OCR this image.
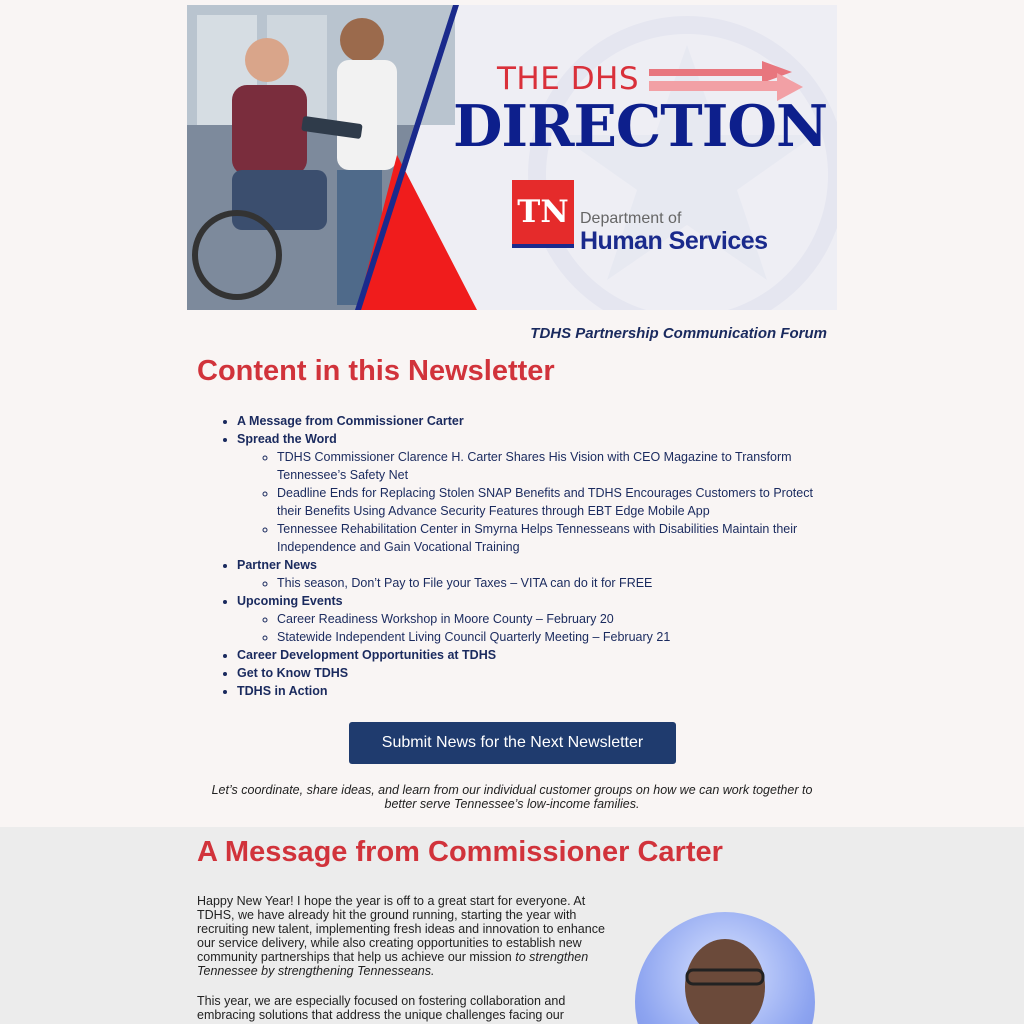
THE DHS
DIRECTION
TN Department of
Human Services
TDHS Partnership Communication Forum
Content in this Newsletter
• A Message from Commissioner Carter
• Spread the Word
◦ TDHS Commissioner Clarence H. Carter Shares His Vision with CEO Magazine to Transform Tennessee’s Safety Net
◦ Deadline Ends for Replacing Stolen SNAP Benefits and TDHS Encourages Customers to Protect their Benefits Using Advance Security Features through EBT Edge Mobile App
◦ Tennessee Rehabilitation Center in Smyrna Helps Tennesseans with Disabilities Maintain their Independence and Gain Vocational Training
• Partner News
◦ This season, Don’t Pay to File your Taxes – VITA can do it for FREE
• Upcoming Events
◦ Career Readiness Workshop in Moore County – February 20
◦ Statewide Independent Living Council Quarterly Meeting – February 21
• Career Development Opportunities at TDHS
• Get to Know TDHS
• TDHS in Action
Submit News for the Next Newsletter

Let’s coordinate, share ideas, and learn from our individual customer groups on how we can work together to better serve Tennessee’s low-income families.

A Message from Commissioner Carter

Happy New Year! I hope the year is off to a great start for everyone. At TDHS, we have already hit the ground running, starting the year with recruiting new talent, implementing fresh ideas and innovation to enhance our service delivery, while also creating opportunities to establish new community partnerships that help us achieve our mission to strengthen Tennessee by strengthening Tennesseans.

This year, we are especially focused on fostering collaboration and embracing solutions that address the unique challenges facing our
